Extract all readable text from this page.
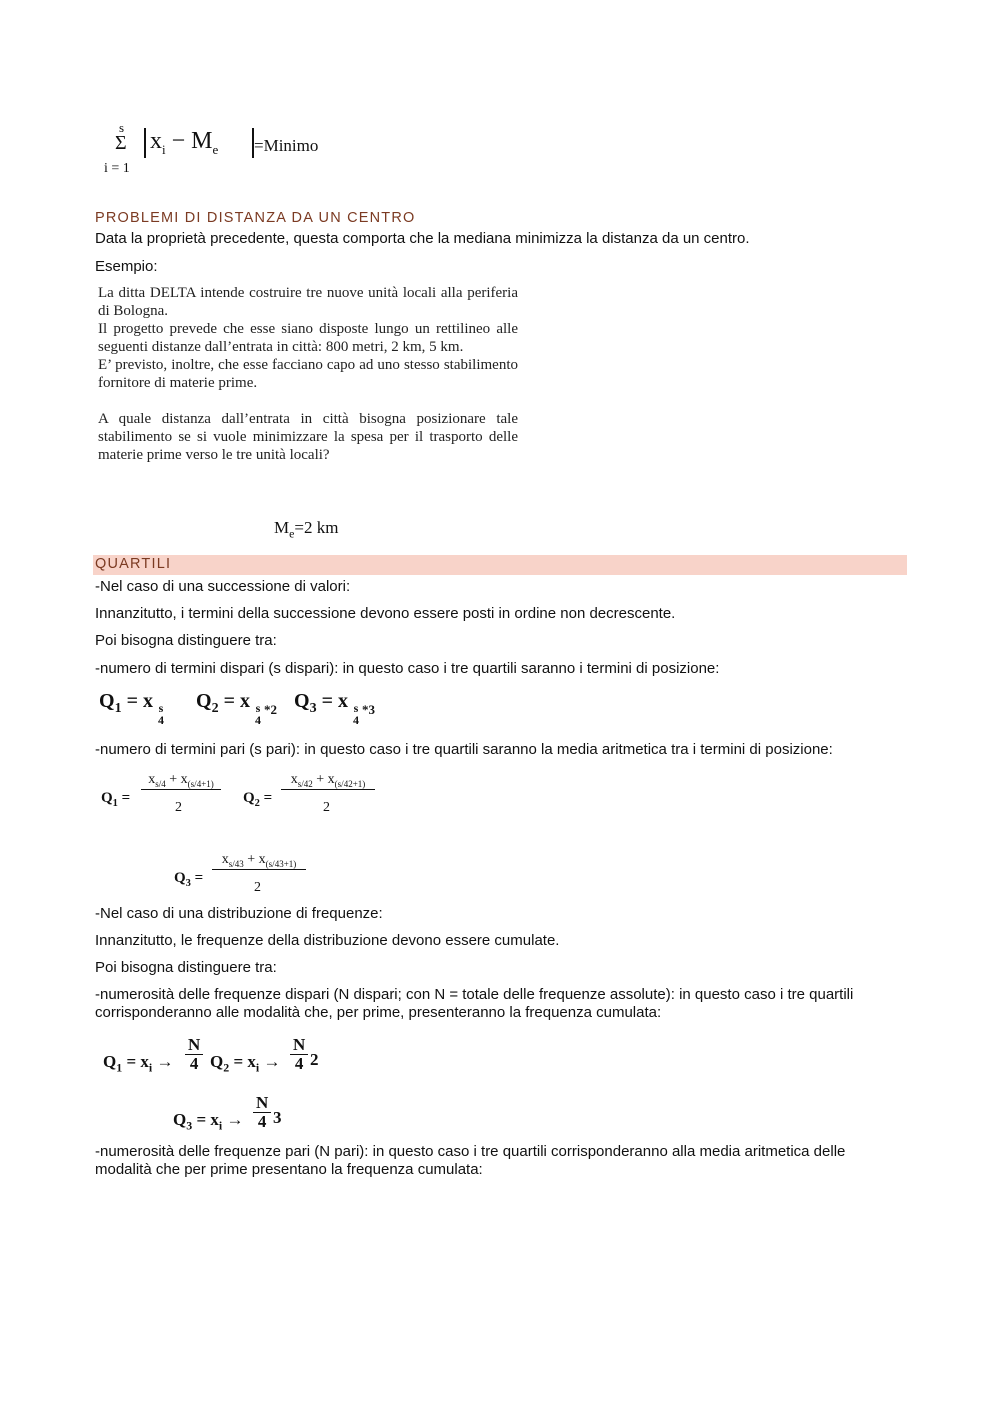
s
Σ
i = 1
$x_i - M_e$ =Minimo
PROBLEMI DI DISTANZA DA UN CENTRO
Data la proprietà precedente, questa comporta che la mediana minimizza la distanza da un centro.
Esempio:

La ditta DELTA intende costruire tre nuove unità locali alla periferia di Bologna.

Il progetto prevede che esse siano disposte lungo un rettilineo alle seguenti distanze dall’entrata in città: 800 metri, 2 km, 5 km.

E’ previsto, inoltre, che esse facciano capo ad uno stesso stabilimento fornitore di materie prime.

A quale distanza dall’entrata in città bisogna posizionare tale stabilimento se si vuole minimizzare la spesa per il trasporto delle materie prime verso le tre unità locali?

$M_e=2$ km
QUARTILI
-Nel caso di una successione di valori:
Innanzitutto, i termini della successione devono essere posti in ordine non decrescente.
Poi bisogna distinguere tra:
-numero di termini dispari (s dispari): in questo caso i tre quartili saranno i termini di posizione:
$Q_1 = x$ s
4
$Q_2 = x$ s
4
*2 $Q_3 = x$ s
4
*3
-numero di termini pari (s pari): in questo caso i tre quartili saranno la media aritmetica tra i termini di posizione:
$Q_1$ =
$x_{s/4} + x_{(s/4+1)}$
2
$Q_2$ =
$x_{s/42} + x_{(s/42+1)}$
2
$Q_3$ =
$x_{s/43} + x_{(s/43+1)}$
2
-Nel caso di una distribuzione di frequenze:
Innanzitutto, le frequenze della distribuzione devono essere cumulate.
Poi bisogna distinguere tra:
-numerosità delle frequenze dispari (N dispari; con N = totale delle frequenze assolute): in questo caso i tre quartili corrisponderanno alle modalità che, per prime, presenteranno la frequenza cumulata:
$Q_1 = x_i \to \frac{N}{4} Q_2 = x_i \to \frac{N}{4} 2$
$Q_3 = x_i \to \frac{N}{4} 3$
-numerosità delle frequenze pari (N pari): in questo caso i tre quartili corrisponderanno alla media aritmetica delle modalità che per prime presentano la frequenza cumulata:
